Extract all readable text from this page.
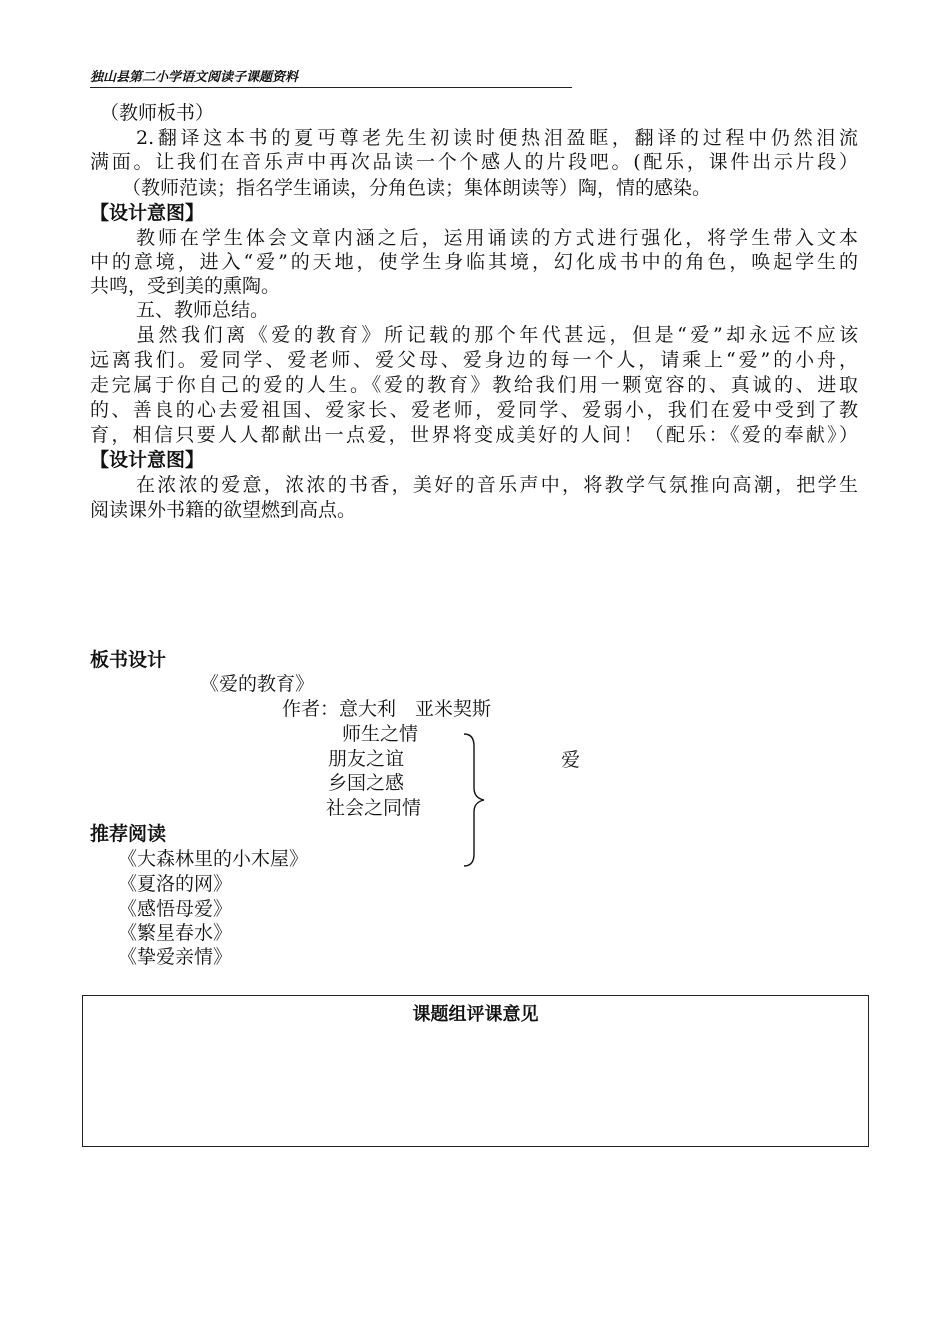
独山县第二小学语文阅读子课题资料
（教师板书）
2.翻译这本书的夏丏尊老先生初读时便热泪盈眶，翻译的过程中仍然泪流
满面。让我们在音乐声中再次品读一个个感人的片段吧。(配乐，课件出示片段）
（教师范读；指名学生诵读，分角色读；集体朗读等）陶，情的感染。
【设计意图】
教师在学生体会文章内涵之后，运用诵读的方式进行强化，将学生带入文本
中的意境，进入“爱”的天地，使学生身临其境，幻化成书中的角色，唤起学生的
共鸣，受到美的熏陶。
五、教师总结。
虽然我们离《爱的教育》所记载的那个年代甚远，但是“爱”却永远不应该
远离我们。爱同学、爱老师、爱父母、爱身边的每一个人，请乘上“爱”的小舟，
走完属于你自己的爱的人生。《爱的教育》教给我们用一颗宽容的、真诚的、进取
的、善良的心去爱祖国、爱家长、爱老师，爱同学、爱弱小，我们在爱中受到了教
育，相信只要人人都献出一点爱，世界将变成美好的人间！（配乐：《爱的奉献》）
【设计意图】
在浓浓的爱意，浓浓的书香，美好的音乐声中，将教学气氛推向高潮，把学生
阅读课外书籍的欲望燃到高点。
板书设计
《爱的教育》
作者：意大利　亚米契斯
师生之情
朋友之谊
乡国之感
社会之同情
爱
推荐阅读
《大森林里的小木屋》
《夏洛的网》
《感悟母爱》
《繁星春水》
《挚爱亲情》
课题组评课意见
